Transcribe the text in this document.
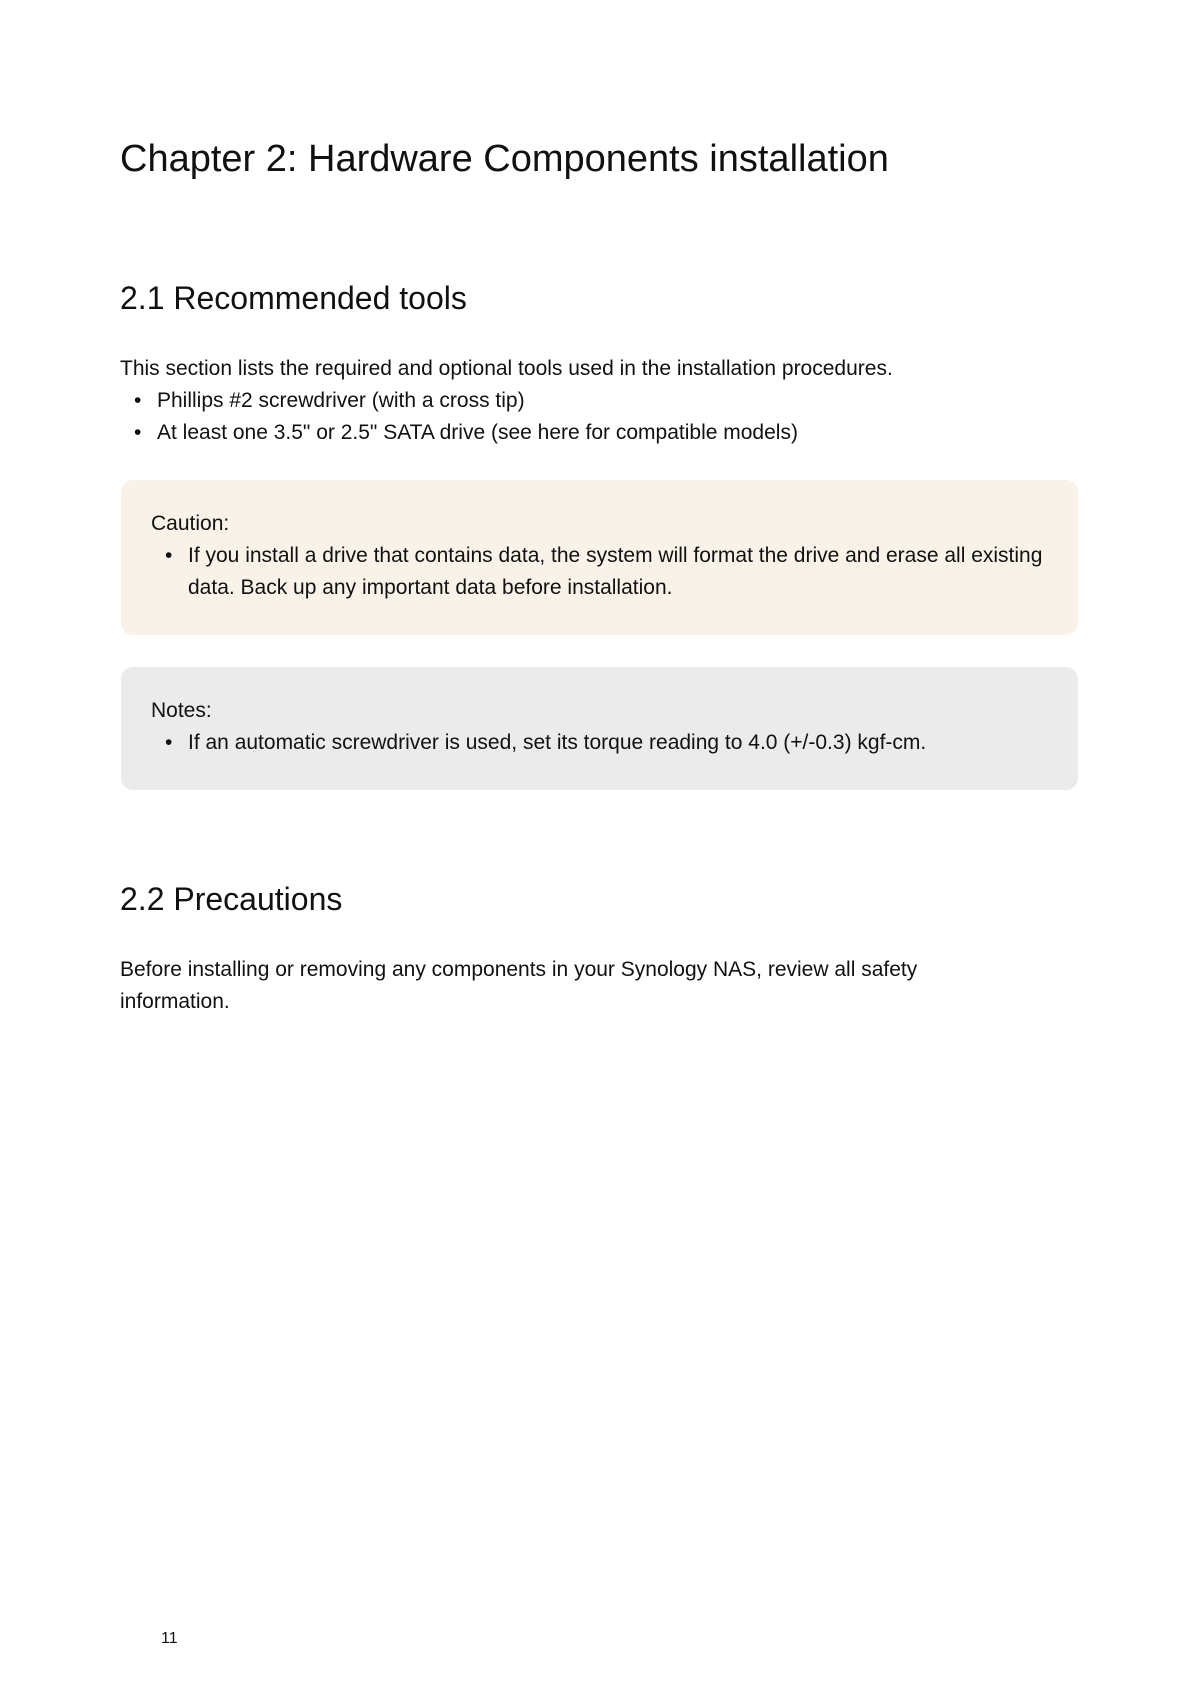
Chapter 2: Hardware Components installation
2.1 Recommended tools
This section lists the required and optional tools used in the installation procedures.
• Phillips #2 screwdriver (with a cross tip)
• At least one 3.5" or 2.5" SATA drive (see here for compatible models)
Caution:
• If you install a drive that contains data, the system will format the drive and erase all existing data. Back up any important data before installation.
Notes:
• If an automatic screwdriver is used, set its torque reading to 4.0 (+/-0.3) kgf-cm.
2.2 Precautions
Before installing or removing any components in your Synology NAS, review all safety information.
11
